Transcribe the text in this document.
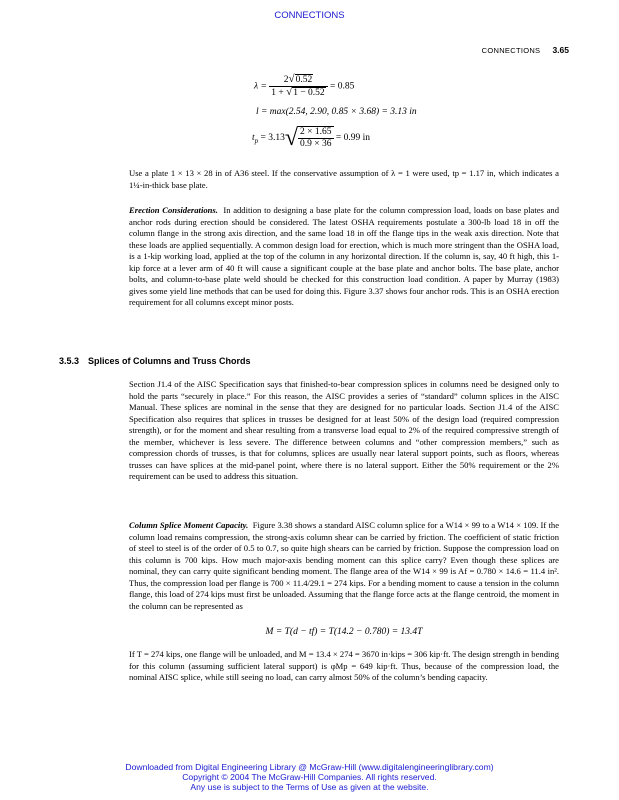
CONNECTIONS
CONNECTIONS 3.65
$\lambda = \frac{2√0.52}{1 + √1 - 0.52} = 0.85$
l = max(2.54, 2.90, 0.85 × 3.68) = 3.13 in
$t_p = 3.13√ \frac{2 \times 1.65}{0.9 \times 36} = 0.99$ in

Use a plate 1 × 13 × 28 in of A36 steel. If the conservative assumption of λ = 1 were used, tp = 1.17 in, which indicates a 1¼-in-thick base plate.

Erection Considerations. In addition to designing a base plate for the column compression load, loads on base plates and anchor rods during erection should be considered. The latest OSHA requirements postulate a 300-lb load 18 in off the column flange in the strong axis direction, and the same load 18 in off the flange tips in the weak axis direction. Note that these loads are applied sequentially. A common design load for erection, which is much more stringent than the OSHA load, is a 1-kip working load, applied at the top of the column in any horizontal direction. If the column is, say, 40 ft high, this 1-kip force at a lever arm of 40 ft will cause a significant couple at the base plate and anchor bolts. The base plate, anchor bolts, and column-to-base plate weld should be checked for this construction load condition. A paper by Murray (1983) gives some yield line methods that can be used for doing this. Figure 3.37 shows four anchor rods. This is an OSHA erection requirement for all columns except minor posts.

3.5.3 Splices of Columns and Truss Chords

Section J1.4 of the AISC Specification says that finished-to-bear compression splices in columns need be designed only to hold the parts “securely in place.” For this reason, the AISC provides a series of “standard” column splices in the AISC Manual. These splices are nominal in the sense that they are designed for no particular loads. Section J1.4 of the AISC Specification also requires that splices in trusses be designed for at least 50% of the design load (required compression strength), or for the moment and shear resulting from a transverse load equal to 2% of the required compressive strength of the member, whichever is less severe. The difference between columns and “other compression members,” such as compression chords of trusses, is that for columns, splices are usually near lateral support points, such as floors, whereas trusses can have splices at the mid-panel point, where there is no lateral support. Either the 50% requirement or the 2% requirement can be used to address this situation.

Column Splice Moment Capacity. Figure 3.38 shows a standard AISC column splice for a W14 × 99 to a W14 × 109. If the column load remains compression, the strong-axis column shear can be carried by friction. The coefficient of static friction of steel to steel is of the order of 0.5 to 0.7, so quite high shears can be carried by friction. Suppose the compression load on this column is 700 kips. How much major-axis bending moment can this splice carry? Even though these splices are nominal, they can carry quite significant bending moment. The flange area of the W14 × 99 is Af = 0.780 × 14.6 = 11.4 in². Thus, the compression load per flange is 700 × 11.4/29.1 = 274 kips. For a bending moment to cause a tension in the column flange, this load of 274 kips must first be unloaded. Assuming that the flange force acts at the flange centroid, the moment in the column can be represented as

M = T(d − tf) = T(14.2 − 0.780) = 13.4T

If T = 274 kips, one flange will be unloaded, and M = 13.4 × 274 = 3670 in·kips = 306 kip·ft. The design strength in bending for this column (assuming sufficient lateral support) is φMp = 649 kip·ft. Thus, because of the compression load, the nominal AISC splice, while still seeing no load, can carry almost 50% of the column’s bending capacity.

Downloaded from Digital Engineering Library @ McGraw-Hill (www.digitalengineeringlibrary.com)
Copyright © 2004 The McGraw-Hill Companies. All rights reserved.
Any use is subject to the Terms of Use as given at the website.
